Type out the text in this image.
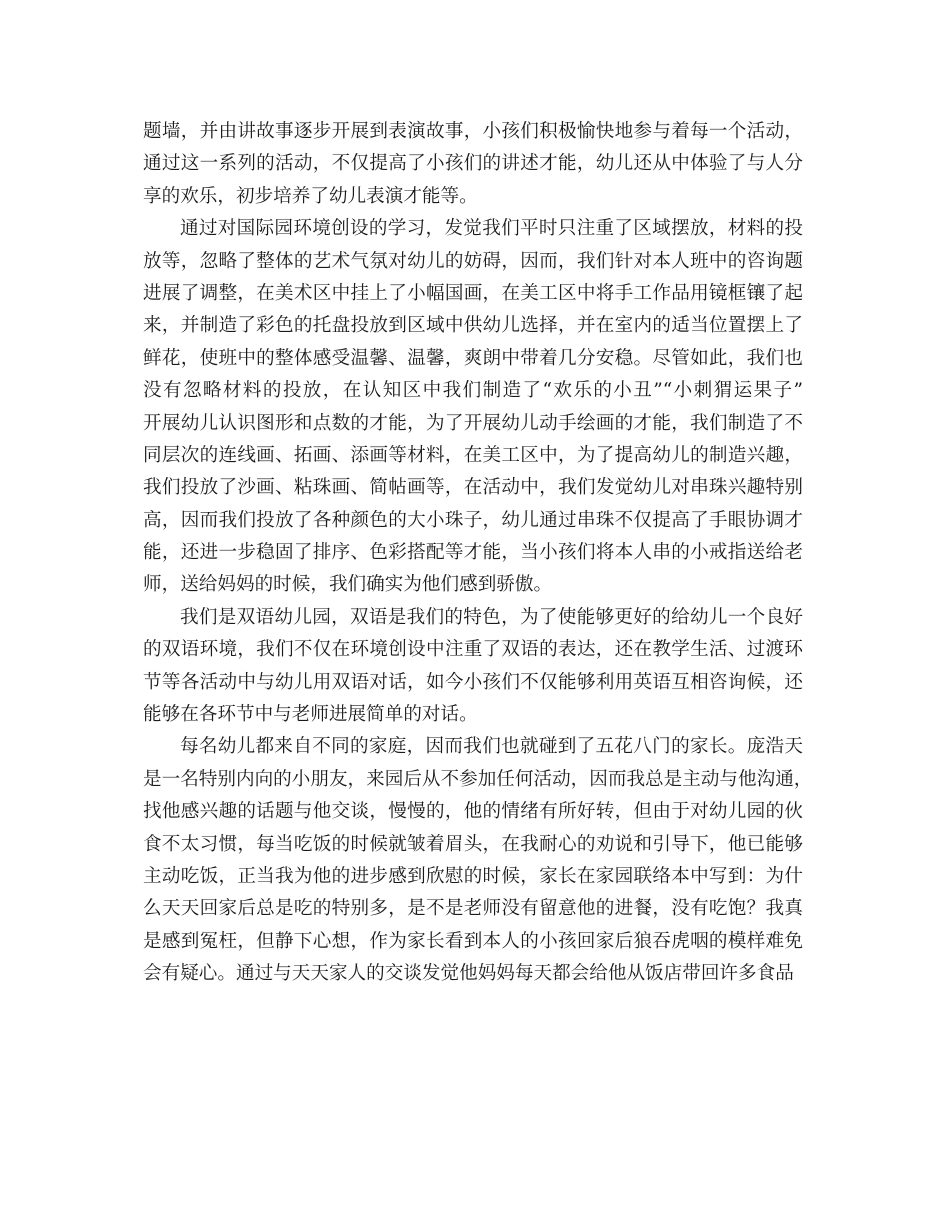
题墙，并由讲故事逐步开展到表演故事，小孩们积极愉快地参与着每一个活动，
通过这一系列的活动，不仅提高了小孩们的讲述才能，幼儿还从中体验了与人分
享的欢乐，初步培养了幼儿表演才能等。
通过对国际园环境创设的学习，发觉我们平时只注重了区域摆放，材料的投
放等，忽略了整体的艺术气氛对幼儿的妨碍，因而，我们针对本人班中的咨询题
进展了调整，在美术区中挂上了小幅国画，在美工区中将手工作品用镜框镶了起
来，并制造了彩色的托盘投放到区域中供幼儿选择，并在室内的适当位置摆上了
鲜花，使班中的整体感受温馨、温馨，爽朗中带着几分安稳。尽管如此，我们也
没有忽略材料的投放，在认知区中我们制造了“欢乐的小丑”“小刺猬运果子”
开展幼儿认识图形和点数的才能，为了开展幼儿动手绘画的才能，我们制造了不
同层次的连线画、拓画、添画等材料，在美工区中，为了提高幼儿的制造兴趣，
我们投放了沙画、粘珠画、简帖画等，在活动中，我们发觉幼儿对串珠兴趣特别
高，因而我们投放了各种颜色的大小珠子，幼儿通过串珠不仅提高了手眼协调才
能，还进一步稳固了排序、色彩搭配等才能，当小孩们将本人串的小戒指送给老
师，送给妈妈的时候，我们确实为他们感到骄傲。
我们是双语幼儿园，双语是我们的特色，为了使能够更好的给幼儿一个良好
的双语环境，我们不仅在环境创设中注重了双语的表达，还在教学生活、过渡环
节等各活动中与幼儿用双语对话，如今小孩们不仅能够利用英语互相咨询候，还
能够在各环节中与老师进展简单的对话。
每名幼儿都来自不同的家庭，因而我们也就碰到了五花八门的家长。庞浩天
是一名特别内向的小朋友，来园后从不参加任何活动，因而我总是主动与他沟通，
找他感兴趣的话题与他交谈，慢慢的，他的情绪有所好转，但由于对幼儿园的伙
食不太习惯，每当吃饭的时候就皱着眉头，在我耐心的劝说和引导下，他已能够
主动吃饭，正当我为他的进步感到欣慰的时候，家长在家园联络本中写到：为什
么天天回家后总是吃的特别多，是不是老师没有留意他的进餐，没有吃饱？我真
是感到冤枉，但静下心想，作为家长看到本人的小孩回家后狼吞虎咽的模样难免
会有疑心。通过与天天家人的交谈发觉他妈妈每天都会给他从饭店带回许多食品
